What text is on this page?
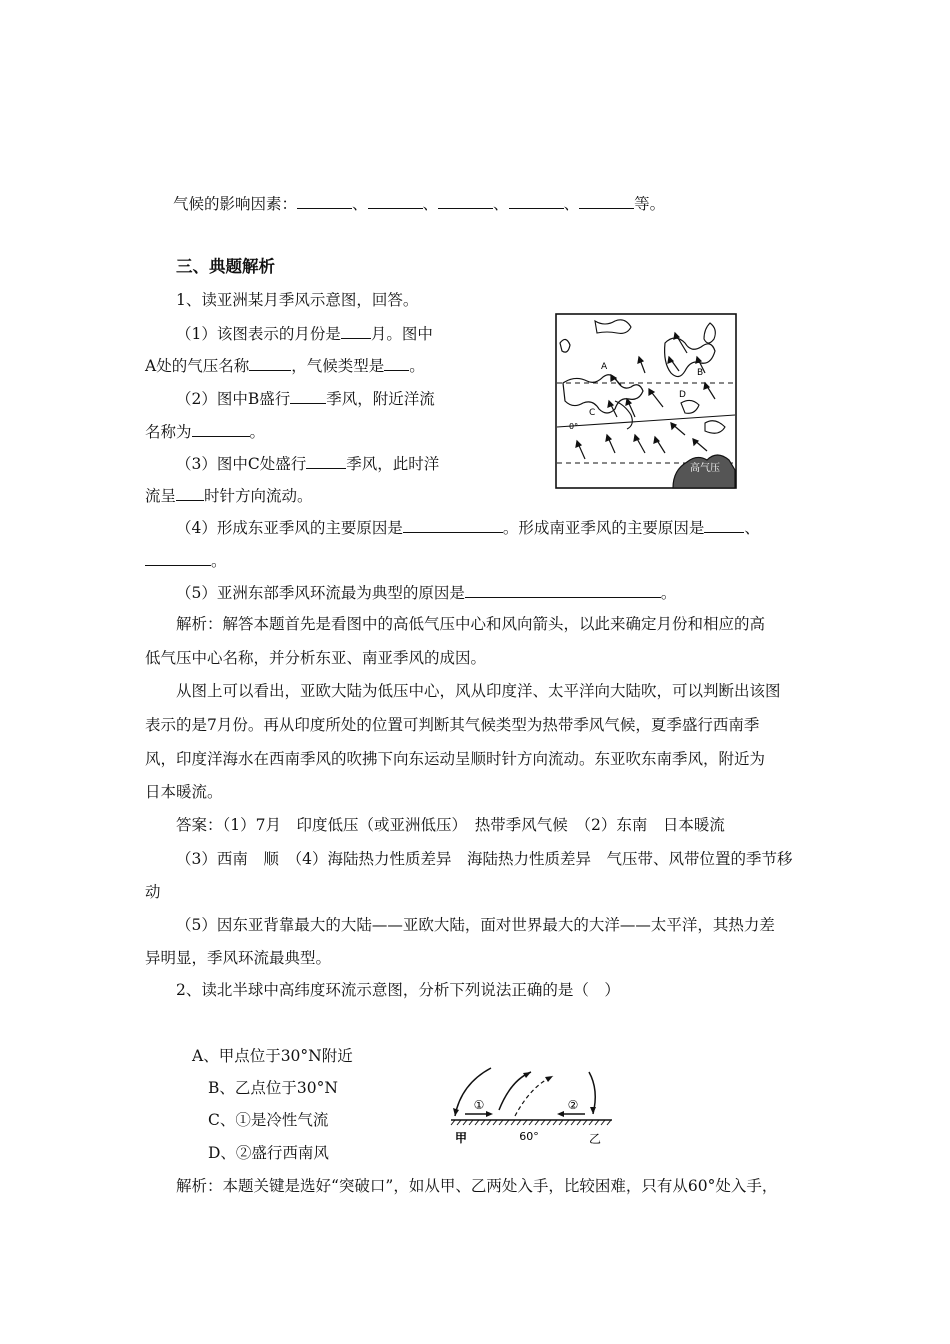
气候的影响因素：	、	、	、	、	等。
三、典题解析
1、读亚洲某月季风示意图，回答。
（1）该图表示的月份是 月。图中
A处的气压名称	，气候类型是 。
（2）图中B盛行 季风，附近洋流
名称为	。
（3）图中C处盛行	季风，此时洋
流呈 时针方向流动。
高气压
A
B
C
D
0°
（4）形成东亚季风的主要原因是	。形成南亚季风的主要原因是	、
。
（5）亚洲东部季风环流最为典型的原因是	。
解析：解答本题首先是看图中的高低气压中心和风向箭头，以此来确定月份和相应的高
低气压中心名称，并分析东亚、南亚季风的成因。
从图上可以看出，亚欧大陆为低压中心，风从印度洋、太平洋向大陆吹，可以判断出该图
表示的是7月份。再从印度所处的位置可判断其气候类型为热带季风气候，夏季盛行西南季
风，印度洋海水在西南季风的吹拂下向东运动呈顺时针方向流动。东亚吹东南季风，附近为
日本暖流。
答案：（1）7月　印度低压（或亚洲低压）　热带季风气候　（2）东南　日本暖流
（3）西南　顺　（4）海陆热力性质差异　海陆热力性质差异　气压带、风带位置的季节移
动
（5）因东亚背靠最大的大陆——亚欧大陆，面对世界最大的大洋——太平洋，其热力差
异明显，季风环流最典型。
2、读北半球中高纬度环流示意图，分析下列说法正确的是（　）
A、甲点位于30°N附近
B、乙点位于30°N
C、①是冷性气流
D、②盛行西南风
①	②
甲	60°	乙
解析：本题关键是选好“突破口”，如从甲、乙两处入手，比较困难，只有从60°处入手，
